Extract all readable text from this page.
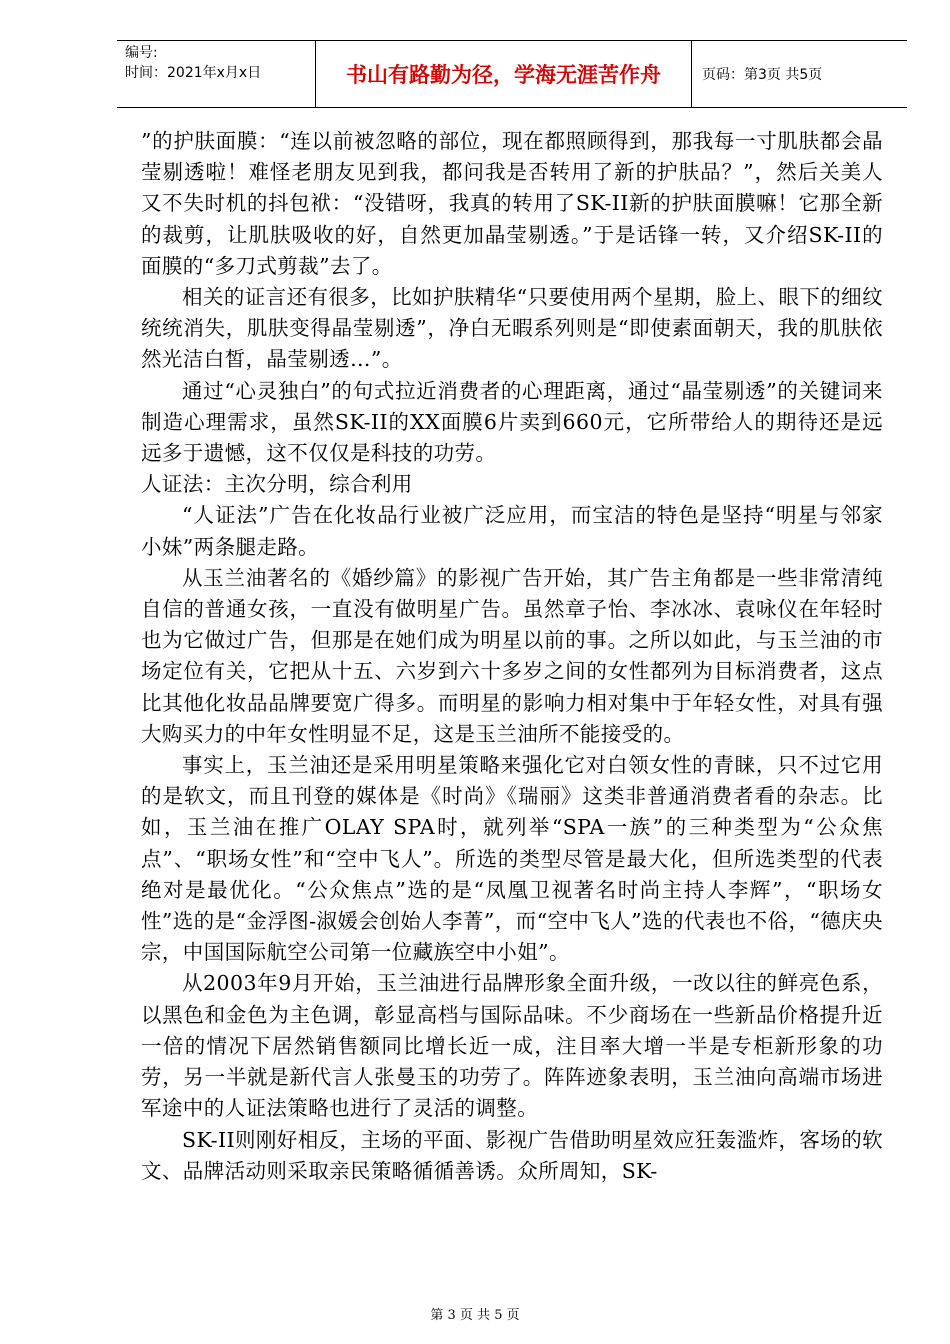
编号:
时间：2021年x月x日	书山有路勤为径，学海无涯苦作舟	页码：第3页 共5页

”的护肤面膜：“连以前被忽略的部位，现在都照顾得到，那我每一寸肌肤都会晶莹剔透啦！难怪老朋友见到我，都问我是否转用了新的护肤品？”，然后关美人又不失时机的抖包袱：“没错呀，我真的转用了SK-II新的护肤面膜嘛！它那全新的裁剪，让肌肤吸收的好，自然更加晶莹剔透。”于是话锋一转，又介绍SK-II的面膜的“多刀式剪裁”去了。

相关的证言还有很多，比如护肤精华“只要使用两个星期，脸上、眼下的细纹统统消失，肌肤变得晶莹剔透”，净白无暇系列则是“即使素面朝天，我的肌肤依然光洁白皙，晶莹剔透…”。

通过“心灵独白”的句式拉近消费者的心理距离，通过“晶莹剔透”的关键词来制造心理需求，虽然SK-II的XX面膜6片卖到660元，它所带给人的期待还是远远多于遗憾，这不仅仅是科技的功劳。

人证法：主次分明，综合利用

“人证法”广告在化妆品行业被广泛应用，而宝洁的特色是坚持“明星与邻家小妹”两条腿走路。

从玉兰油著名的《婚纱篇》的影视广告开始，其广告主角都是一些非常清纯自信的普通女孩，一直没有做明星广告。虽然章子怡、李冰冰、袁咏仪在年轻时也为它做过广告，但那是在她们成为明星以前的事。之所以如此，与玉兰油的市场定位有关，它把从十五、六岁到六十多岁之间的女性都列为目标消费者，这点比其他化妆品品牌要宽广得多。而明星的影响力相对集中于年轻女性，对具有强大购买力的中年女性明显不足，这是玉兰油所不能接受的。

事实上，玉兰油还是采用明星策略来强化它对白领女性的青睐，只不过它用的是软文，而且刊登的媒体是《时尚》《瑞丽》这类非普通消费者看的杂志。比如，玉兰油在推广OLAY SPA时，就列举“SPA一族”的三种类型为“公众焦点”、“职场女性”和“空中飞人”。所选的类型尽管是最大化，但所选类型的代表绝对是最优化。“公众焦点”选的是“凤凰卫视著名时尚主持人李辉”，“职场女性”选的是“金浮图-淑媛会创始人李菁”，而“空中飞人”选的代表也不俗，“德庆央宗，中国国际航空公司第一位藏族空中小姐”。

从2003年9月开始，玉兰油进行品牌形象全面升级，一改以往的鲜亮色系，以黑色和金色为主色调，彰显高档与国际品味。不少商场在一些新品价格提升近一倍的情况下居然销售额同比增长近一成，注目率大增一半是专柜新形象的功劳，另一半就是新代言人张曼玉的功劳了。阵阵迹象表明，玉兰油向高端市场进军途中的人证法策略也进行了灵活的调整。

SK-II则刚好相反，主场的平面、影视广告借助明星效应狂轰滥炸，客场的软文、品牌活动则采取亲民策略循循善诱。众所周知，SK-

第 3 页 共 5 页
